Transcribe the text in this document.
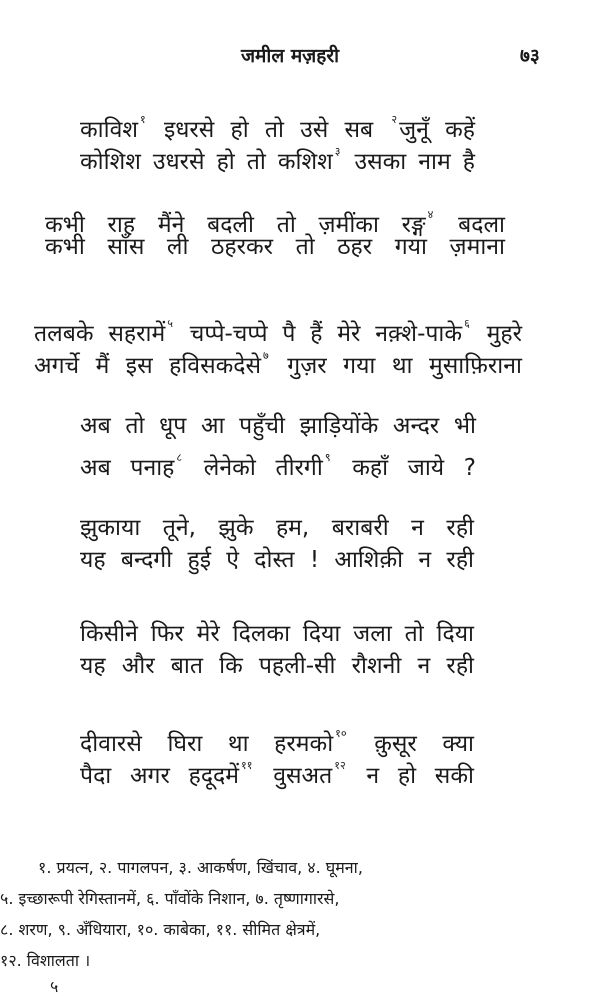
जमील मज़हरी	७३
काविश $^१$ इधरसे हो तो उसे सब $^२$जुनूँ कहें
कोशिश उधरसे हो तो कशिश $^३$ उसका नाम है
कभी राह मैंने बदली तो ज़मींका रङ्ग $^४$ बदला
कभी साँस ली ठहरकर तो ठहर गया ज़माना
तलबके सहरामें $^५$ चप्पे-चप्पे पै हैं मेरे नक़्शे-पाके $^६$ मुहरे
अगर्चे मैं इस हविसकदेसे $^७$ गुज़र गया था मुसाफ़िराना
अब तो धूप आ पहुँची झाड़ियोंके अन्दर भी
अब पनाह $^८$ लेनेको तीरगी $^९$ कहाँ जाये ?
झुकाया तूने, झुके हम, बराबरी न रही
यह बन्दगी हुई ऐ दोस्त ! आशिक़ी न रही
किसीने फिर मेरे दिलका दिया जला तो दिया
यह और बात कि पहली-सी रौशनी न रही
दीवारसे घिरा था हरमको $^{१०}$ क़ुसूर क्या
पैदा अगर हदूदमें $^{११}$ वुसअत $^{१२}$ न हो सकी
१. प्रयत्न, २. पागलपन, ३. आकर्षण, खिंचाव, ४. घूमना,
५. इच्छारूपी रेगिस्तानमें, ६. पाँवोंके निशान, ७. तृष्णागारसे,
८. शरण, ९. अँधियारा, १०. काबेका, ११. सीमित क्षेत्रमें,
१२. विशालता ।
५
